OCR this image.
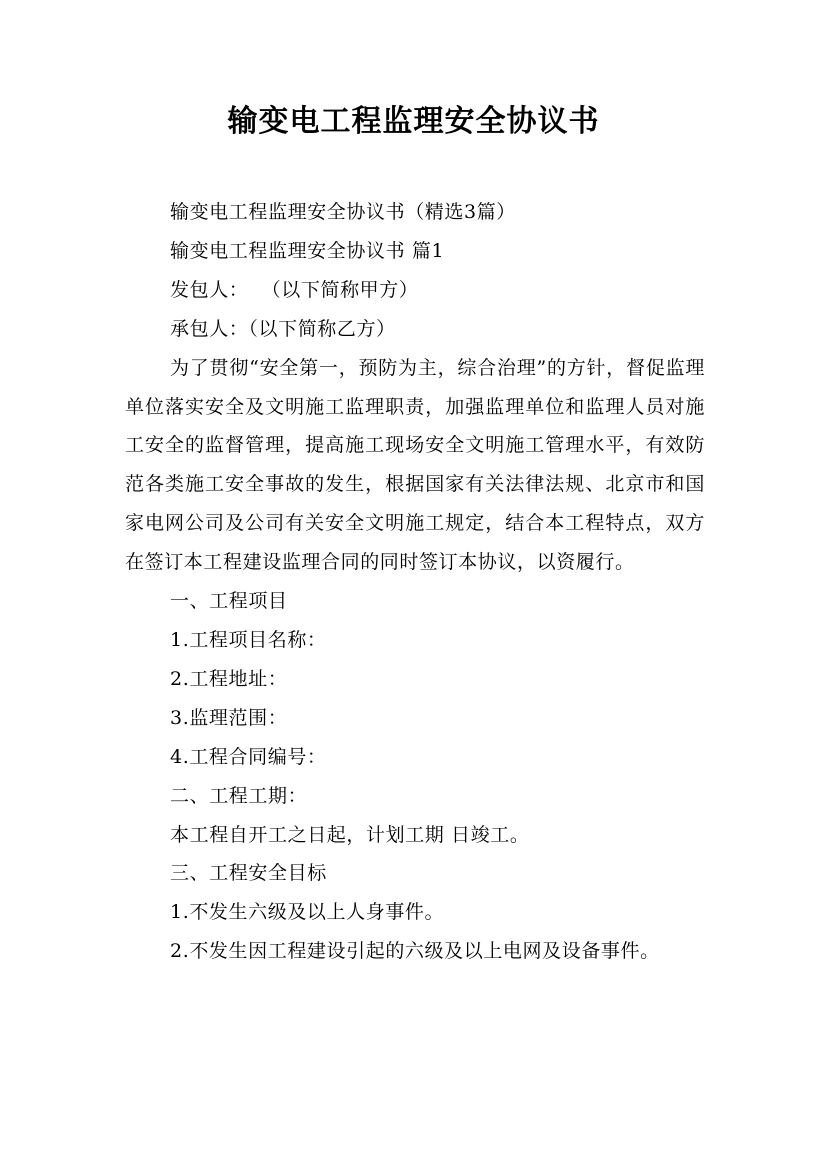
输变电工程监理安全协议书

输变电工程监理安全协议书（精选3篇）

输变电工程监理安全协议书 篇1

发包人：  （以下简称甲方）

承包人：（以下简称乙方）

为了贯彻“安全第一，预防为主，综合治理”的方针，督促监理单位落实安全及文明施工监理职责，加强监理单位和监理人员对施工安全的监督管理，提高施工现场安全文明施工管理水平，有效防范各类施工安全事故的发生，根据国家有关法律法规、北京市和国家电网公司及公司有关安全文明施工规定，结合本工程特点，双方在签订本工程建设监理合同的同时签订本协议，以资履行。

一、工程项目

1.工程项目名称：

2.工程地址：

3.监理范围：

4.工程合同编号：

二、工程工期：

本工程自开工之日起，计划工期 日竣工。

三、工程安全目标

1.不发生六级及以上人身事件。

2.不发生因工程建设引起的六级及以上电网及设备事件。
